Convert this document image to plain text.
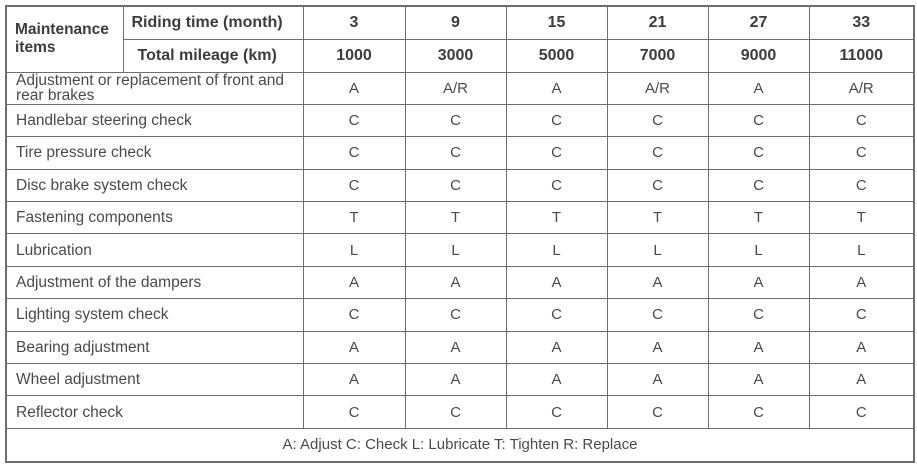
Maintenance items	Riding time (month)	3	9	15	21	27	33
	Total mileage (km)	1000	3000	5000	7000	9000	11000
Adjustment or replacement of front and rear brakes		A	A/R	A	A/R	A	A/R
Handlebar steering check		C	C	C	C	C	C
Tire pressure check		C	C	C	C	C	C
Disc brake system check		C	C	C	C	C	C
Fastening components		T	T	T	T	T	T
Lubrication		L	L	L	L	L	L
Adjustment of the dampers		A	A	A	A	A	A
Lighting system check		C	C	C	C	C	C
Bearing adjustment		A	A	A	A	A	A
Wheel adjustment		A	A	A	A	A	A
Reflector check		C	C	C	C	C	C
A: Adjust C: Check L: Lubricate T: Tighten R: Replace							
